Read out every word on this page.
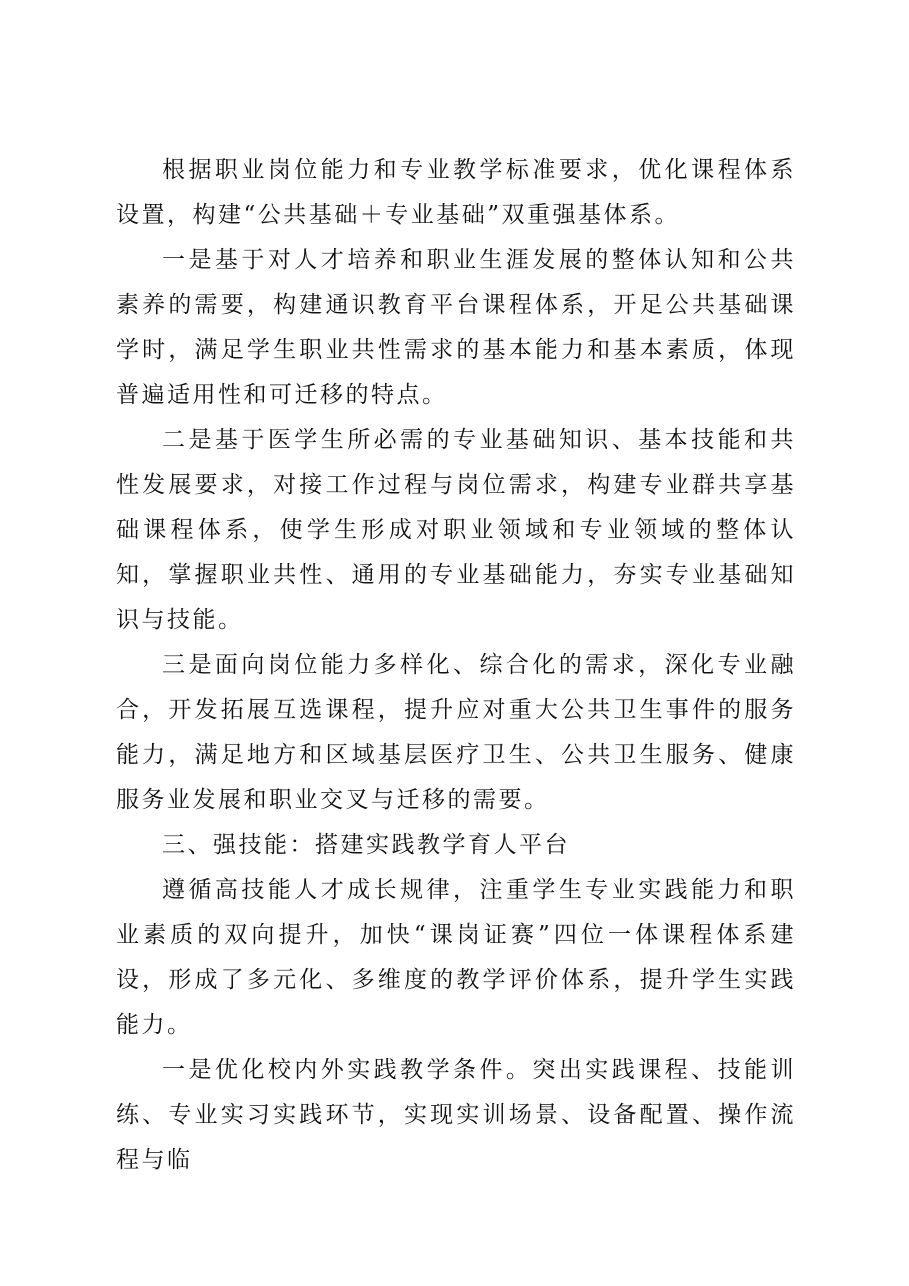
根据职业岗位能力和专业教学标准要求，优化课程体系设置，构建“公共基础＋专业基础”双重强基体系。

一是基于对人才培养和职业生涯发展的整体认知和公共素养的需要，构建通识教育平台课程体系，开足公共基础课学时，满足学生职业共性需求的基本能力和基本素质，体现普遍适用性和可迁移的特点。

二是基于医学生所必需的专业基础知识、基本技能和共性发展要求，对接工作过程与岗位需求，构建专业群共享基础课程体系，使学生形成对职业领域和专业领域的整体认知，掌握职业共性、通用的专业基础能力，夯实专业基础知识与技能。

三是面向岗位能力多样化、综合化的需求，深化专业融合，开发拓展互选课程，提升应对重大公共卫生事件的服务能力，满足地方和区域基层医疗卫生、公共卫生服务、健康服务业发展和职业交叉与迁移的需要。

三、强技能：搭建实践教学育人平台

遵循高技能人才成长规律，注重学生专业实践能力和职业素质的双向提升，加快“课岗证赛”四位一体课程体系建设，形成了多元化、多维度的教学评价体系，提升学生实践能力。

一是优化校内外实践教学条件。突出实践课程、技能训练、专业实习实践环节，实现实训场景、设备配置、操作流程与临
